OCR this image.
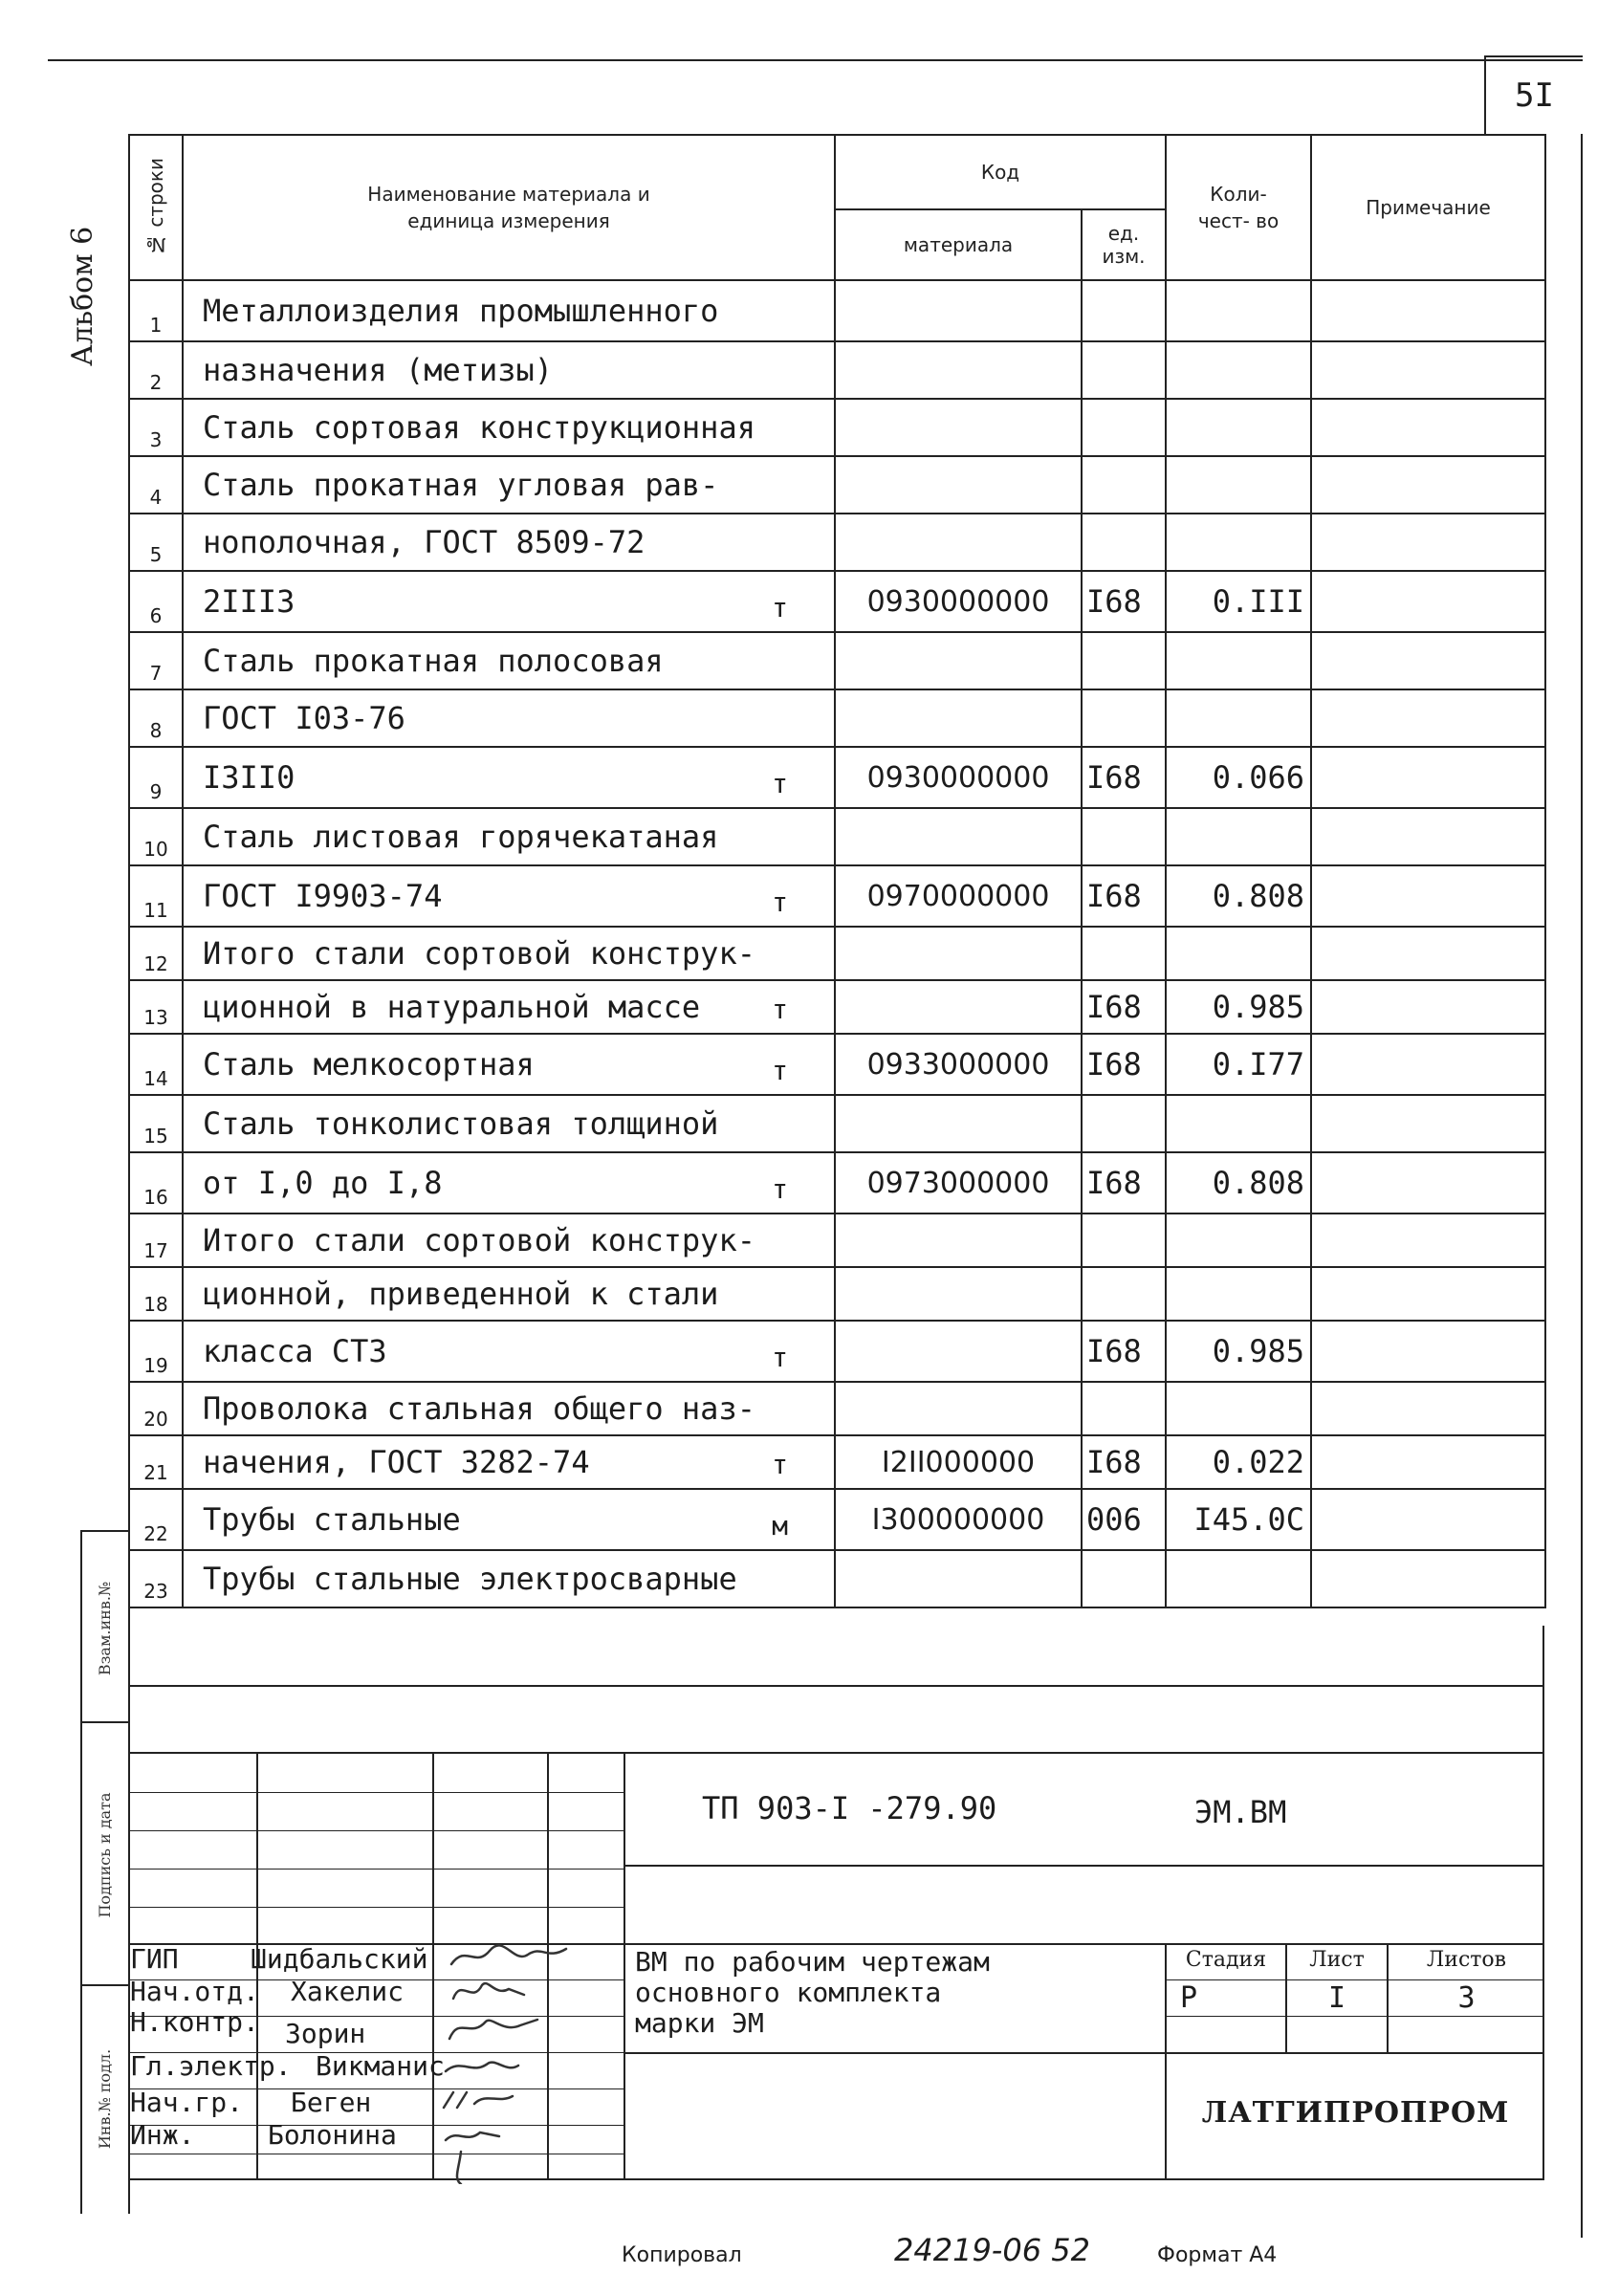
5I
Альбом 6
Взам.инв.№
Подпись и дата
Инв.№ подл.
№ строки	Наименование материала и единица измерения	Код		Коли- чест- во	Примечание
		материала	ед. изм.		

1	Металлоизделия промышленного

2	назначения (метизы)

3	Сталь сортовая конструкционная

4	Сталь прокатная угловая рав-

5	нополочная, ГОСТ 8509-72

6	2III3 т	0930000000	I68	0.III	
7	Сталь прокатная полосовая

8	ГОСТ I03-76

9	I3II0 т	0930000000	I68	0.066	
10	Сталь листовая горячекатаная

11	ГОСТ I9903-74 т	0970000000	I68	0.808	
12	Итого стали сортовой конструк-

13	ционной в натуральной массе т		I68	0.985	
14	Сталь мелкосортная т	0933000000	I68	0.I77	
15	Сталь тонколистовая толщиной

16	от I,0 до I,8 т	0973000000	I68	0.808	
17	Итого стали сортовой конструк-

18	ционной, приведенной к стали

19	класса СТ3 т		I68	0.985	
20	Проволока стальная общего наз-

21	начения, ГОСТ 3282-74 т	I2II000000	I68	0.022	
22	Трубы стальные м	I300000000	006	I45.0C	
23	Трубы стальные электросварные

ТП 903-I -279.90	ЭМ.ВМ
ВМ по рабочим чертежам
основного комплекта
марки ЭМ
Стадия	Лист	Листов
Р	I	3
ЛАТГИПРОПРОМ
ГИП	Шидбальский
Нач.отд. Хакелис
Н.контр. Зорин
Гл.электр. Викманис
Нач.гр. Беген
Инж.	Болонина
Копировал	24219-06 52	Формат А4
